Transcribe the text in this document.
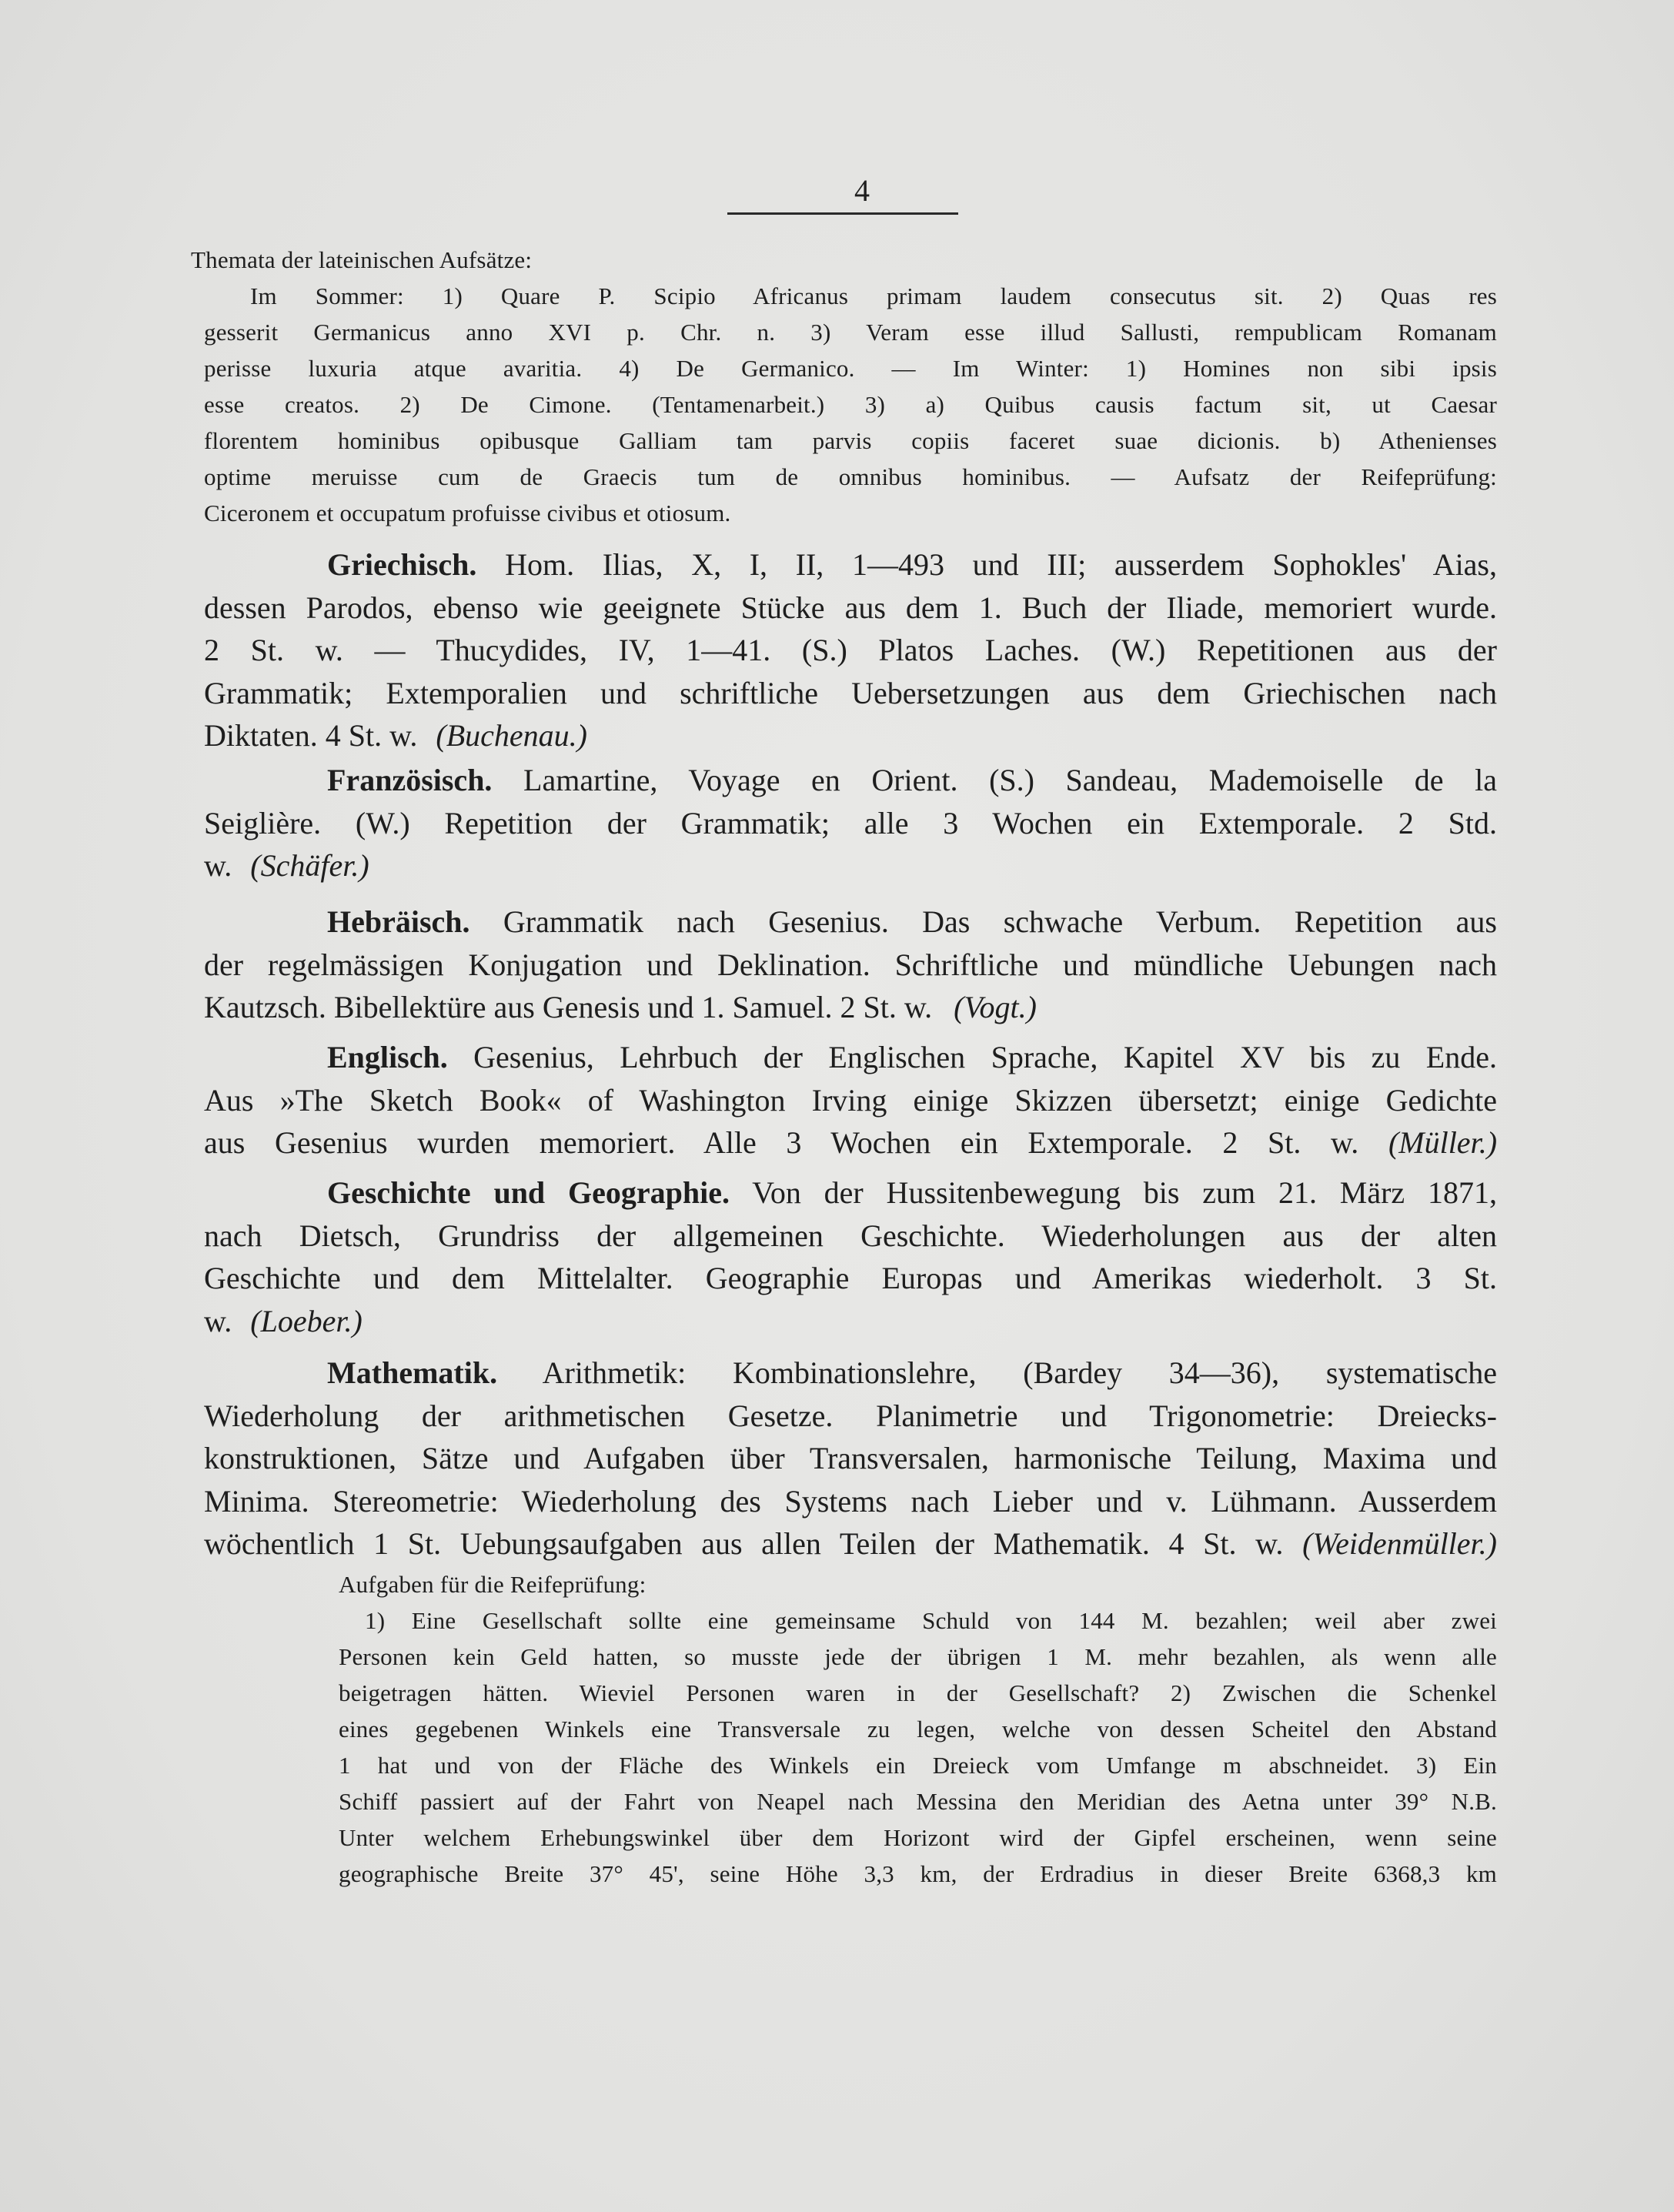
4
Themata der lateinischen Aufsätze:
Im Sommer: 1) Quare P. Scipio Africanus primam laudem consecutus sit. 2) Quas res
gesserit Germanicus anno XVI p. Chr. n. 3) Veram esse illud Sallusti, rempublicam Romanam
perisse luxuria atque avaritia. 4) De Germanico. — Im Winter: 1) Homines non sibi ipsis
esse creatos. 2) De Cimone. (Tentamenarbeit.) 3) a) Quibus causis factum sit, ut Caesar
florentem hominibus opibusque Galliam tam parvis copiis faceret suae dicionis. b) Athenienses
optime meruisse cum de Graecis tum de omnibus hominibus. — Aufsatz der Reifeprüfung:
Ciceronem et occupatum profuisse civibus et otiosum.
Griechisch. Hom. Ilias, X, I, II, 1—493 und III; ausserdem Sophokles' Aias,
dessen Parodos, ebenso wie geeignete Stücke aus dem 1. Buch der Iliade, memoriert wurde.
2 St. w. — Thucydides, IV, 1—41. (S.) Platos Laches. (W.) Repetitionen aus der
Grammatik; Extemporalien und schriftliche Uebersetzungen aus dem Griechischen nach
Diktaten. 4 St. w. (Buchenau.)
Französisch. Lamartine, Voyage en Orient. (S.) Sandeau, Mademoiselle de la
Seiglière. (W.) Repetition der Grammatik; alle 3 Wochen ein Extemporale. 2 Std.
w. (Schäfer.)
Hebräisch. Grammatik nach Gesenius. Das schwache Verbum. Repetition aus
der regelmässigen Konjugation und Deklination. Schriftliche und mündliche Uebungen nach
Kautzsch. Bibellektüre aus Genesis und 1. Samuel. 2 St. w. (Vogt.)
Englisch. Gesenius, Lehrbuch der Englischen Sprache, Kapitel XV bis zu Ende.
Aus »The Sketch Book« of Washington Irving einige Skizzen übersetzt; einige Gedichte
aus Gesenius wurden memoriert. Alle 3 Wochen ein Extemporale. 2 St. w. (Müller.)
Geschichte und Geographie. Von der Hussitenbewegung bis zum 21. März 1871,
nach Dietsch, Grundriss der allgemeinen Geschichte. Wiederholungen aus der alten
Geschichte und dem Mittelalter. Geographie Europas und Amerikas wiederholt. 3 St.
w. (Loeber.)
Mathematik. Arithmetik: Kombinationslehre, (Bardey 34—36), systematische
Wiederholung der arithmetischen Gesetze. Planimetrie und Trigonometrie: Dreiecks-
konstruktionen, Sätze und Aufgaben über Transversalen, harmonische Teilung, Maxima und
Minima. Stereometrie: Wiederholung des Systems nach Lieber und v. Lühmann. Ausserdem
wöchentlich 1 St. Uebungsaufgaben aus allen Teilen der Mathematik. 4 St. w. (Weidenmüller.)
Aufgaben für die Reifeprüfung:
1) Eine Gesellschaft sollte eine gemeinsame Schuld von 144 M. bezahlen; weil aber zwei
Personen kein Geld hatten, so musste jede der übrigen 1 M. mehr bezahlen, als wenn alle
beigetragen hätten. Wieviel Personen waren in der Gesellschaft? 2) Zwischen die Schenkel
eines gegebenen Winkels eine Transversale zu legen, welche von dessen Scheitel den Abstand
1 hat und von der Fläche des Winkels ein Dreieck vom Umfange m abschneidet. 3) Ein
Schiff passiert auf der Fahrt von Neapel nach Messina den Meridian des Aetna unter 39° N.B.
Unter welchem Erhebungswinkel über dem Horizont wird der Gipfel erscheinen, wenn seine
geographische Breite 37° 45', seine Höhe 3,3 km, der Erdradius in dieser Breite 6368,3 km
